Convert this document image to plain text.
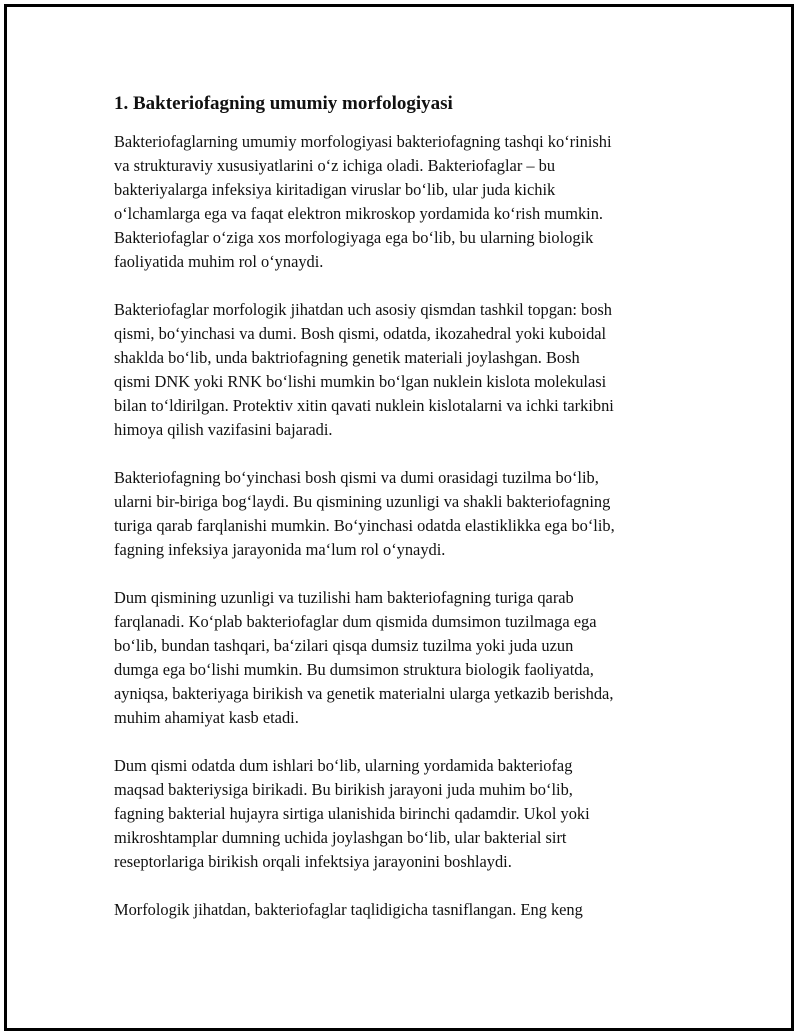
1. Bakteriofagning umumiy morfologiyasi

Bakteriofaglarning umumiy morfologiyasi bakteriofagning tashqi ko‘rinishi
va strukturaviy xususiyatlarini o‘z ichiga oladi. Bakteriofaglar – bu
bakteriyalarga infeksiya kiritadigan viruslar bo‘lib, ular juda kichik
o‘lchamlarga ega va faqat elektron mikroskop yordamida ko‘rish mumkin.
Bakteriofaglar o‘ziga xos morfologiyaga ega bo‘lib, bu ularning biologik
faoliyatida muhim rol o‘ynaydi.

Bakteriofaglar morfologik jihatdan uch asosiy qismdan tashkil topgan: bosh
qismi, bo‘yinchasi va dumi. Bosh qismi, odatda, ikozahedral yoki kuboidal
shaklda bo‘lib, unda baktriofagning genetik materiali joylashgan. Bosh
qismi DNK yoki RNK bo‘lishi mumkin bo‘lgan nuklein kislota molekulasi
bilan to‘ldirilgan. Protektiv xitin qavati nuklein kislotalarni va ichki tarkibni
himoya qilish vazifasini bajaradi.

Bakteriofagning bo‘yinchasi bosh qismi va dumi orasidagi tuzilma bo‘lib,
ularni bir-biriga bog‘laydi. Bu qismining uzunligi va shakli bakteriofagning
turiga qarab farqlanishi mumkin. Bo‘yinchasi odatda elastiklikka ega bo‘lib,
fagning infeksiya jarayonida ma‘lum rol o‘ynaydi.

Dum qismining uzunligi va tuzilishi ham bakteriofagning turiga qarab
farqlanadi. Ko‘plab bakteriofaglar dum qismida dumsimon tuzilmaga ega
bo‘lib, bundan tashqari, ba‘zilari qisqa dumsiz tuzilma yoki juda uzun
dumga ega bo‘lishi mumkin. Bu dumsimon struktura biologik faoliyatda,
ayniqsa, bakteriyaga birikish va genetik materialni ularga yetkazib berishda,
muhim ahamiyat kasb etadi.

Dum qismi odatda dum ishlari bo‘lib, ularning yordamida bakteriofag
maqsad bakteriysiga birikadi. Bu birikish jarayoni juda muhim bo‘lib,
fagning bakterial hujayra sirtiga ulanishida birinchi qadamdir. Ukol yoki
mikroshtamplar dumning uchida joylashgan bo‘lib, ular bakterial sirt
reseptorlariga birikish orqali infektsiya jarayonini boshlaydi.

Morfologik jihatdan, bakteriofaglar taqlidigicha tasniflangan. Eng keng
